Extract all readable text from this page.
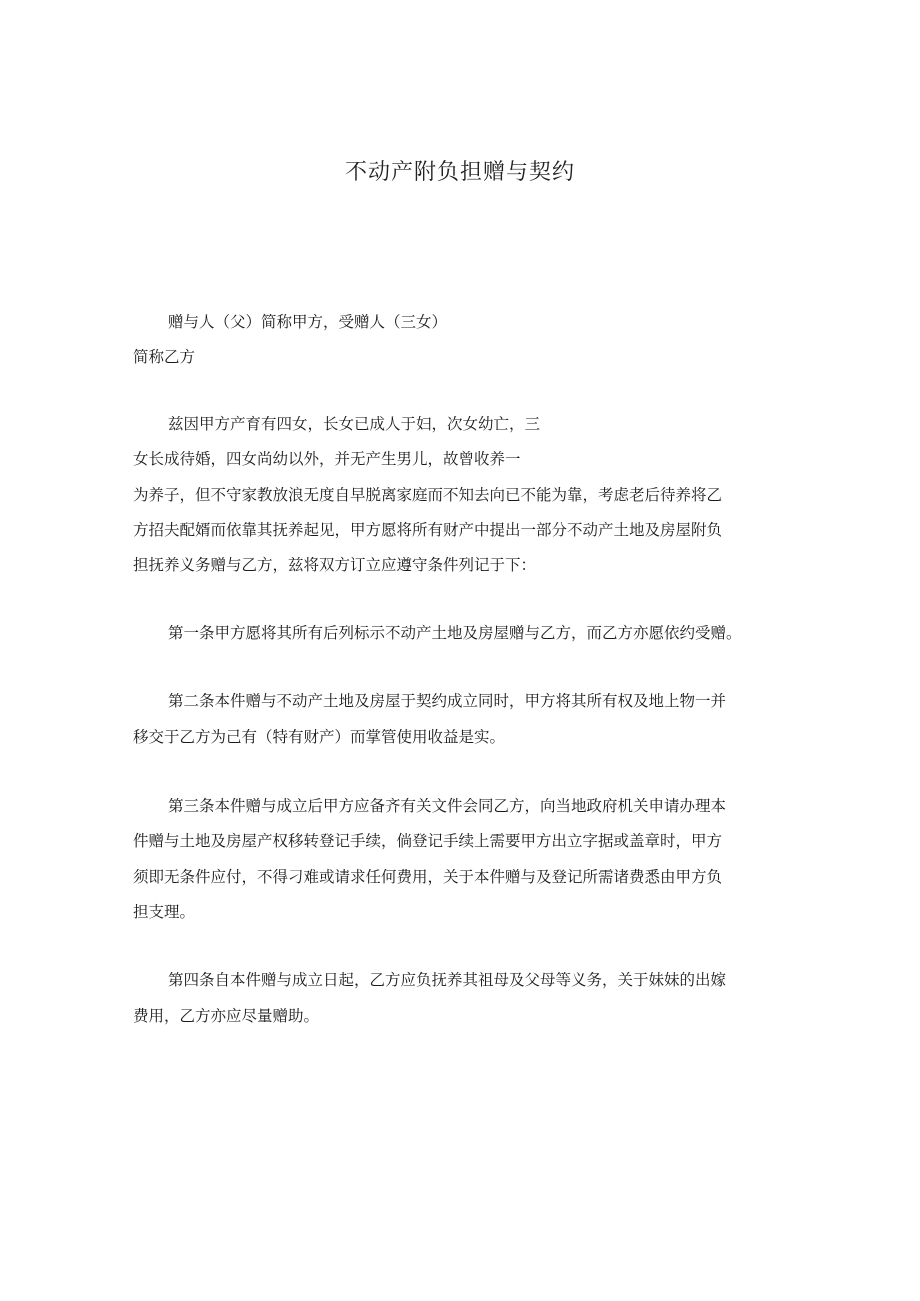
不动产附负担赠与契约
赠与人（父）简称甲方，受赠人（三女）
简称乙方
兹因甲方产育有四女，长女已成人于妇，次女幼亡，三
女长成待婚，四女尚幼以外，并无产生男儿，故曾收养一
为养子，但不守家教放浪无度自早脱离家庭而不知去向已不能为靠，考虑老后待养将乙
方招夫配婿而依靠其抚养起见，甲方愿将所有财产中提出一部分不动产土地及房屋附负
担抚养义务赠与乙方，兹将双方订立应遵守条件列记于下：
第一条甲方愿将其所有后列标示不动产土地及房屋赠与乙方，而乙方亦愿依约受赠。
第二条本件赠与不动产土地及房屋于契约成立同时，甲方将其所有权及地上物一并
移交于乙方为己有（特有财产）而掌管使用收益是实。
第三条本件赠与成立后甲方应备齐有关文件会同乙方，向当地政府机关申请办理本
件赠与土地及房屋产权移转登记手续，倘登记手续上需要甲方出立字据或盖章时，甲方
须即无条件应付，不得刁难或请求任何费用，关于本件赠与及登记所需诸费悉由甲方负
担支理。
第四条自本件赠与成立日起，乙方应负抚养其祖母及父母等义务，关于妹妹的出嫁
费用，乙方亦应尽量赠助。
